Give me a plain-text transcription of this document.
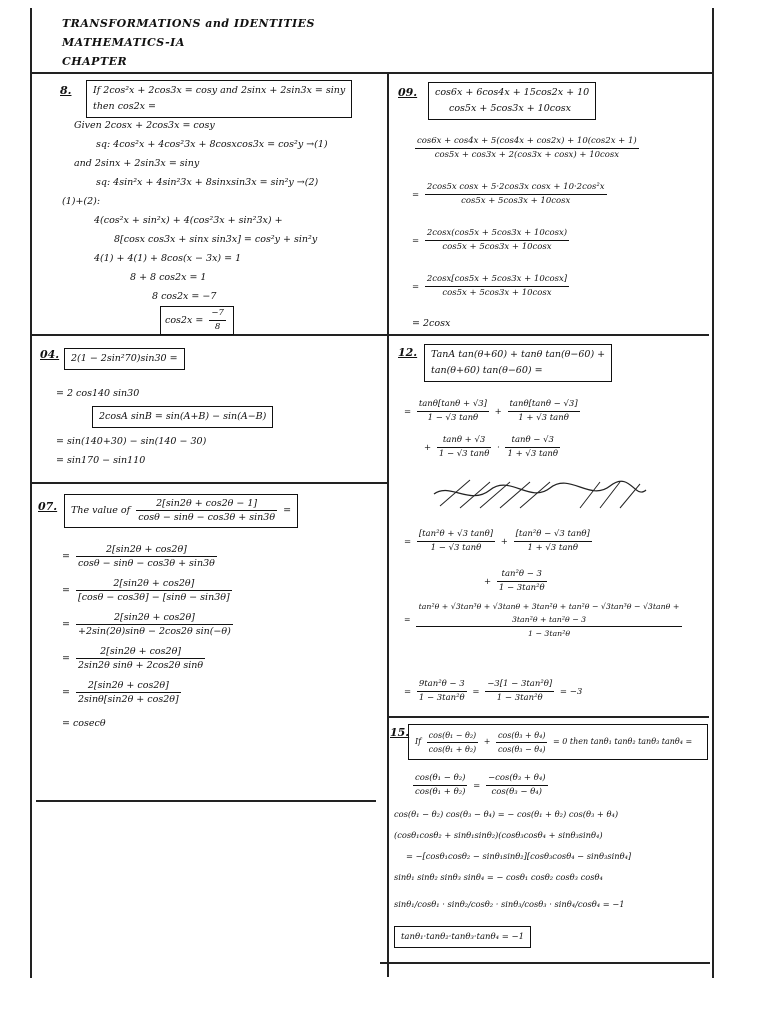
TRANSFORMATIONS and IDENTITIES
MATHEMATICS-IA
CHAPTER
8. If 2cos²x + 2cos3x = cosy and 2sinx + 2sin3x = siny
then cos2x =
Given 2cosx + 2cos3x = cosy
sq: 4cos²x + 4cos²3x + 8cosxcos3x = cos²y →(1)
and 2sinx + 2sin3x = siny
sq: 4sin²x + 4sin²3x + 8sinxsin3x = sin²y →(2)
(1)+(2):
4(cos²x + sin²x) + 4(cos²3x + sin²3x) +
8[cosx cos3x + sinx sin3x] = cos²y + sin²y
4(1) + 4(1) + 8cos(x − 3x) = 1
8 + 8 cos2x = 1
8 cos2x = −7
$\cos 2x = \frac{-7}{8}$
04. 2(1 − 2sin²70)sin30 =
= 2 cos140 sin30
2cosA sinB = sin(A+B) − sin(A−B)
= sin(140+30) − sin(140 − 30)
= sin170 − sin110
07.	The value of $\frac{2[\sin 2\theta + \cos 2\theta - 1]}{\cos\theta - \sin\theta - \cos 3\theta + \sin 3\theta}$ =
= $\frac{2[\sin 2\theta + \cos 2\theta]}{\cos\theta - \sin\theta - \cos 3\theta + \sin 3\theta}$
= $\frac{2[\sin 2\theta + \cos 2\theta]}{[\cos\theta - \cos 3\theta] - [\sin\theta - \sin 3\theta]}$
= $\frac{2[\sin 2\theta + \cos 2\theta]}{\text{+2sin(2θ)sinθ − 2cos2θ sin(−θ)}}$
= $\frac{2[\sin 2\theta + \cos 2\theta]}{\text{2sin2θ sinθ + 2cos2θ sinθ}}$
= $\frac{2[\sin 2\theta + \cos 2\theta]}{2\sin\theta[\sin 2\theta + \cos 2\theta]}$
= cosecθ
09. cos6x + 6cos4x + 15cos2x + 10
cos5x + 5cos3x + 10cosx
$\frac{\cos 6x + \cos 4x + 5(\cos 4x + \cos 2x) + 10(\cos 2x + 1)}{\cos 5x + \cos 3x + 2(\cos 3x + \cos x) + 10\cos x}$
= $\frac{\text{2cos5x cosx + 5·2cos3x cosx + 10·2cos²x}}{\cos 5x + 5\cos 3x + 10\cos x}$
= $\frac{2\cos x(\cos 5x + 5\cos 3x + 10\cos x)}{\cos 5x + 5\cos 3x + 10\cos x}$
= $\frac{2\cos x[\cos 5x + 5\cos 3x + 10\cos x]}{\cos 5x + 5\cos 3x + 10\cos x}$
= 2cosx
12. TanA tan(θ+60) + tanθ tan(θ−60) +
tan(θ+60) tan(θ−60) =
= $\frac{\tan\theta[\tan\theta + √3]}{1 - √3 \tan\theta} + \frac{\tan\theta[\tan\theta - √3]}{1 + √3 \tan\theta}$
+ $\frac{\tan\theta + √3}{1 - √3 \tan\theta} \cdot \frac{\tan\theta - √3}{1 + √3 \tan\theta}$
= $\frac{\text{[tan²θ + √3 tanθ]}}{1 - √3 \tan\theta} + \frac{\text{[tan²θ − √3 tanθ]}}{1 + √3 \tan\theta}$
+ $\frac{\text{tan²θ − 3}}{\text{1 − 3tan²θ}}$
=
tan²θ + √3tan³θ + √3tanθ + 3tan²θ + tan²θ − √3tan³θ − √3tanθ + 3tan²θ + tan²θ − 3
1 − 3tan²θ
= $\frac{\text{9tan²θ − 3}}{\text{1 − 3tan²θ}} = \frac{\text{−3[1 − 3tan²θ]}}{\text{1 − 3tan²θ}} = -3$
15.
If $\frac{\text{cos(θ₁ − θ₂)}}{\text{cos(θ₁ + θ₂)}} + \frac{\text{cos(θ₃ + θ₄)}}{\text{cos(θ₃ − θ₄)}} = 0$ then tanθ₁ tanθ₂ tanθ₃ tanθ₄ =
$\frac{\text{cos(θ₁ − θ₂)}}{\text{cos(θ₁ + θ₂)}} = \frac{\text{−cos(θ₃ + θ₄)}}{\text{cos(θ₃ − θ₄)}}$
cos(θ₁ − θ₂) cos(θ₃ − θ₄) = − cos(θ₁ + θ₂) cos(θ₃ + θ₄)
(cosθ₁cosθ₂ + sinθ₁sinθ₂)(cosθ₃cosθ₄ + sinθ₃sinθ₄)
= −[cosθ₁cosθ₂ − sinθ₁sinθ₂][cosθ₃cosθ₄ − sinθ₃sinθ₄]
sinθ₁ sinθ₂ sinθ₃ sinθ₄ = − cosθ₁ cosθ₂ cosθ₃ cosθ₄
sinθ₁/cosθ₁ · sinθ₂/cosθ₂ · sinθ₃/cosθ₃ · sinθ₄/cosθ₄ = −1
tanθ₁·tanθ₂·tanθ₃·tanθ₄ = −1
